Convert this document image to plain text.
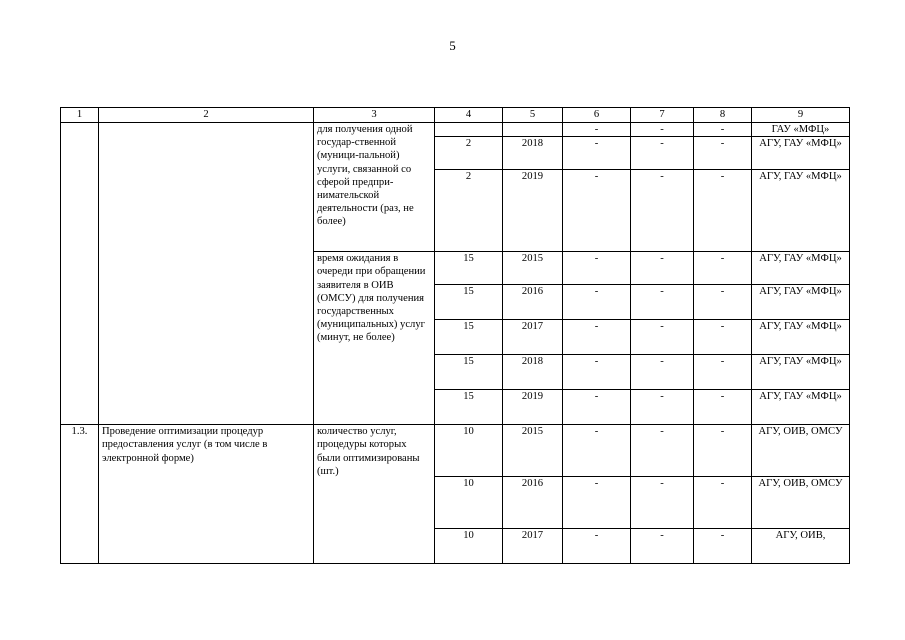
5
1	2	3	4	5	6	7	8	9
		для получения одной государ-ственной (муници-пальной) услуги, связанной со сферой предпри-нимательской деятельности (раз, не более)			-	-	-	ГАУ «МФЦ»
			2	2018	-	-	-	АГУ, ГАУ «МФЦ»
			2	2019	-	-	-	АГУ, ГАУ «МФЦ»
		время ожидания в очереди при обращении заявителя в ОИВ (ОМСУ) для получения государственных (муниципальных) услуг (минут, не более)	15	2015	-	-	-	АГУ, ГАУ «МФЦ»
			15	2016	-	-	-	АГУ, ГАУ «МФЦ»
			15	2017	-	-	-	АГУ, ГАУ «МФЦ»
			15	2018	-	-	-	АГУ, ГАУ «МФЦ»
			15	2019	-	-	-	АГУ, ГАУ «МФЦ»
1.3.	Проведение оптимизации процедур предоставления услуг (в том числе в электронной форме)	количество услуг, процедуры которых были оптимизированы (шт.)	10	2015	-	-	-	АГУ, ОИВ, ОМСУ
			10	2016	-	-	-	АГУ, ОИВ, ОМСУ
			10	2017	-	-	-	АГУ, ОИВ,
